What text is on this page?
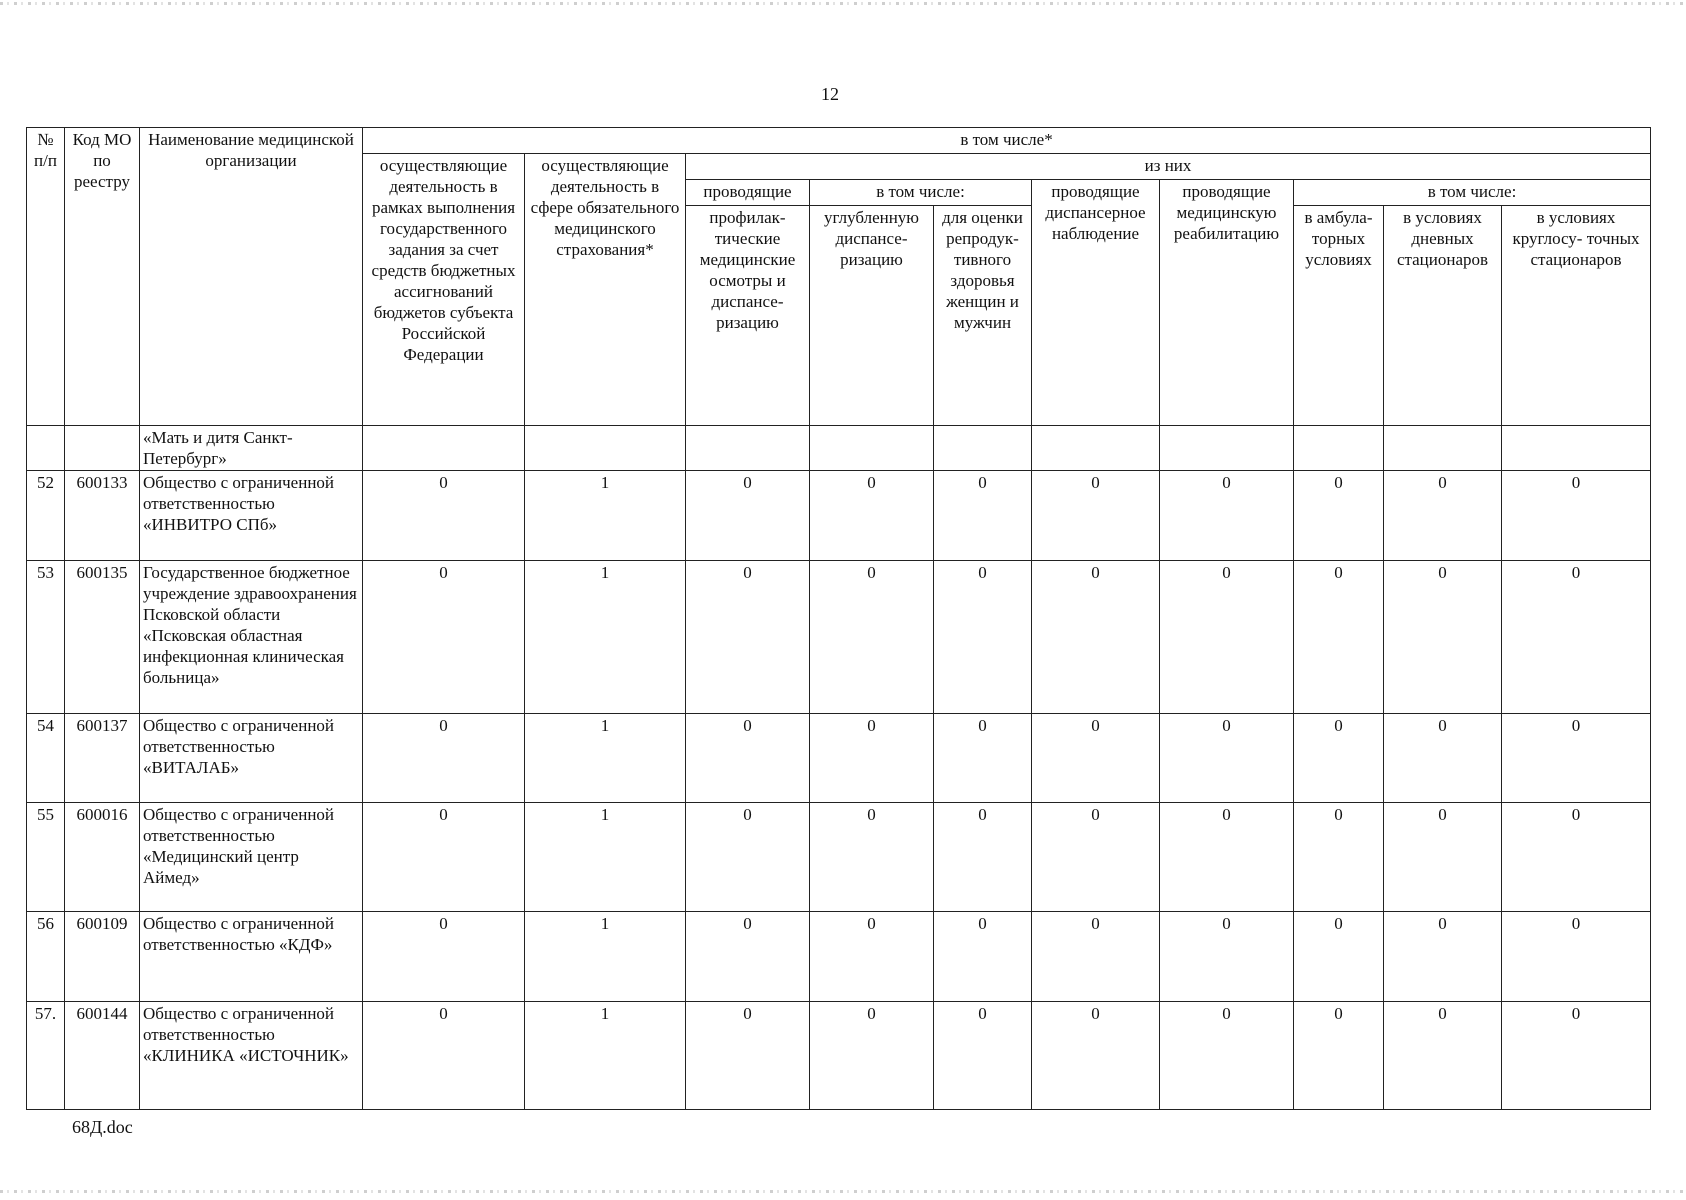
12
№ п/п	Код МО по реестру	Наименование медицинской организации	в том числе*									
			осуществляющие деятельность в рамках выполнения государственного задания за счет средств бюджетных ассигнований бюджетов субъекта Российской Федерации	осуществляющие деятельность в сфере обязательного медицинского страхования*	из них							
					проводящие	в том числе:		проводящие диспансерное наблюдение	проводящие медицинскую реабилитацию	в том числе:		
					профилак- тические медицинские осмотры и диспансе- ризацию	углубленную диспансе- ризацию	для оценки репродук- тивного здоровья женщин и мужчин			в амбула- торных условиях	в условиях дневных стационаров	в условиях круглосу- точных стационаров
		«Мать и дитя Санкт-Петербург»										
52	600133	Общество с ограниченной ответственностью «ИНВИТРО СПб»	0	1	0	0	0	0	0	0	0	0
53	600135	Государственное бюджетное учреждение здравоохранения Псковской области «Псковская областная инфекционная клиническая больница»	0	1	0	0	0	0	0	0	0	0
54	600137	Общество с ограниченной ответственностью «ВИТАЛАБ»	0	1	0	0	0	0	0	0	0	0
55	600016	Общество с ограниченной ответственностью «Медицинский центр Аймед»	0	1	0	0	0	0	0	0	0	0
56	600109	Общество с ограниченной ответственностью «КДФ»	0	1	0	0	0	0	0	0	0	0
57.	600144	Общество с ограниченной ответственностью «КЛИНИКА «ИСТОЧНИК»	0	1	0	0	0	0	0	0	0	0
68Д.doc
